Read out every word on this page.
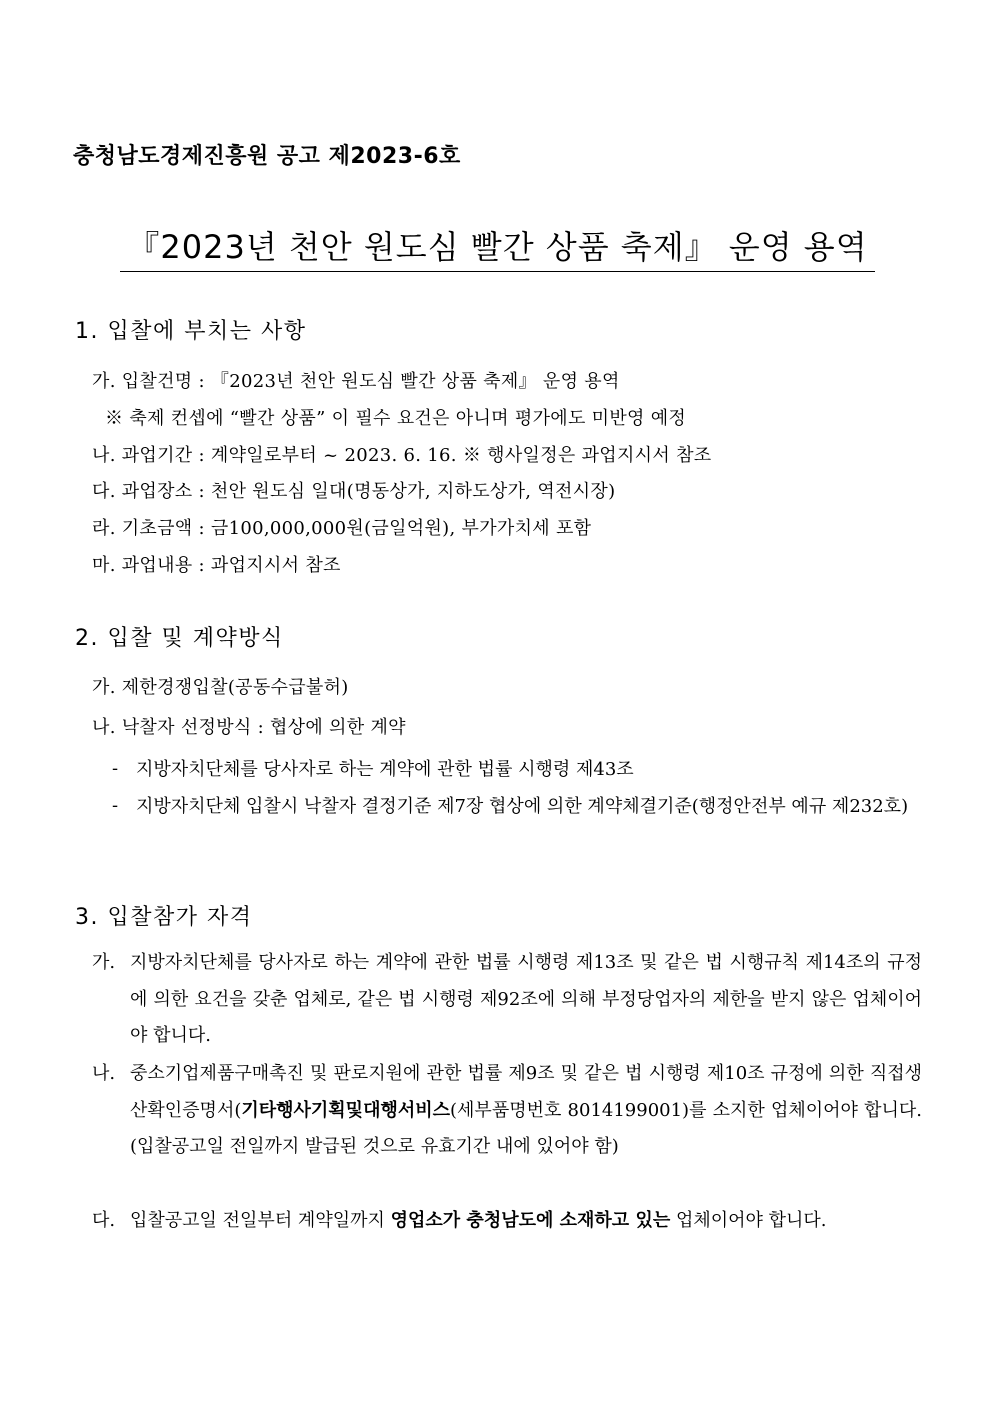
충청남도경제진흥원 공고 제2023-6호
『2023년 천안 원도심 빨간 상품 축제』 운영 용역
1. 입찰에 부치는 사항
가. 입찰건명 : 『2023년 천안 원도심 빨간 상품 축제』 운영 용역
※ 축제 컨셉에 “빨간 상품” 이 필수 요건은 아니며 평가에도 미반영 예정
나. 과업기간 : 계약일로부터 ~ 2023. 6. 16. ※ 행사일정은 과업지시서 참조
다. 과업장소 : 천안 원도심 일대(명동상가, 지하도상가, 역전시장)
라. 기초금액 : 금100,000,000원(금일억원), 부가가치세 포함
마. 과업내용 : 과업지시서 참조
2. 입찰 및 계약방식
가. 제한경쟁입찰(공동수급불허)
나. 낙찰자 선정방식 : 협상에 의한 계약
- 지방자치단체를 당사자로 하는 계약에 관한 법률 시행령 제43조
- 지방자치단체 입찰시 낙찰자 결정기준 제7장 협상에 의한 계약체결기준(행정안전부 예규 제232호)
3. 입찰참가 자격
가. 지방자치단체를 당사자로 하는 계약에 관한 법률 시행령 제13조 및 같은 법 시행규칙 제14조의 규정에 의한 요건을 갖춘 업체로, 같은 법 시행령 제92조에 의해 부정당업자의 제한을 받지 않은 업체이어야 합니다.
나. 중소기업제품구매촉진 및 판로지원에 관한 법률 제9조 및 같은 법 시행령 제10조 규정에 의한 직접생산확인증명서(기타행사기획및대행서비스(세부품명번호 8014199001)를 소지한 업체이어야 합니다.(입찰공고일 전일까지 발급된 것으로 유효기간 내에 있어야 함)
다. 입찰공고일 전일부터 계약일까지 영업소가 충청남도에 소재하고 있는 업체이어야 합니다.
